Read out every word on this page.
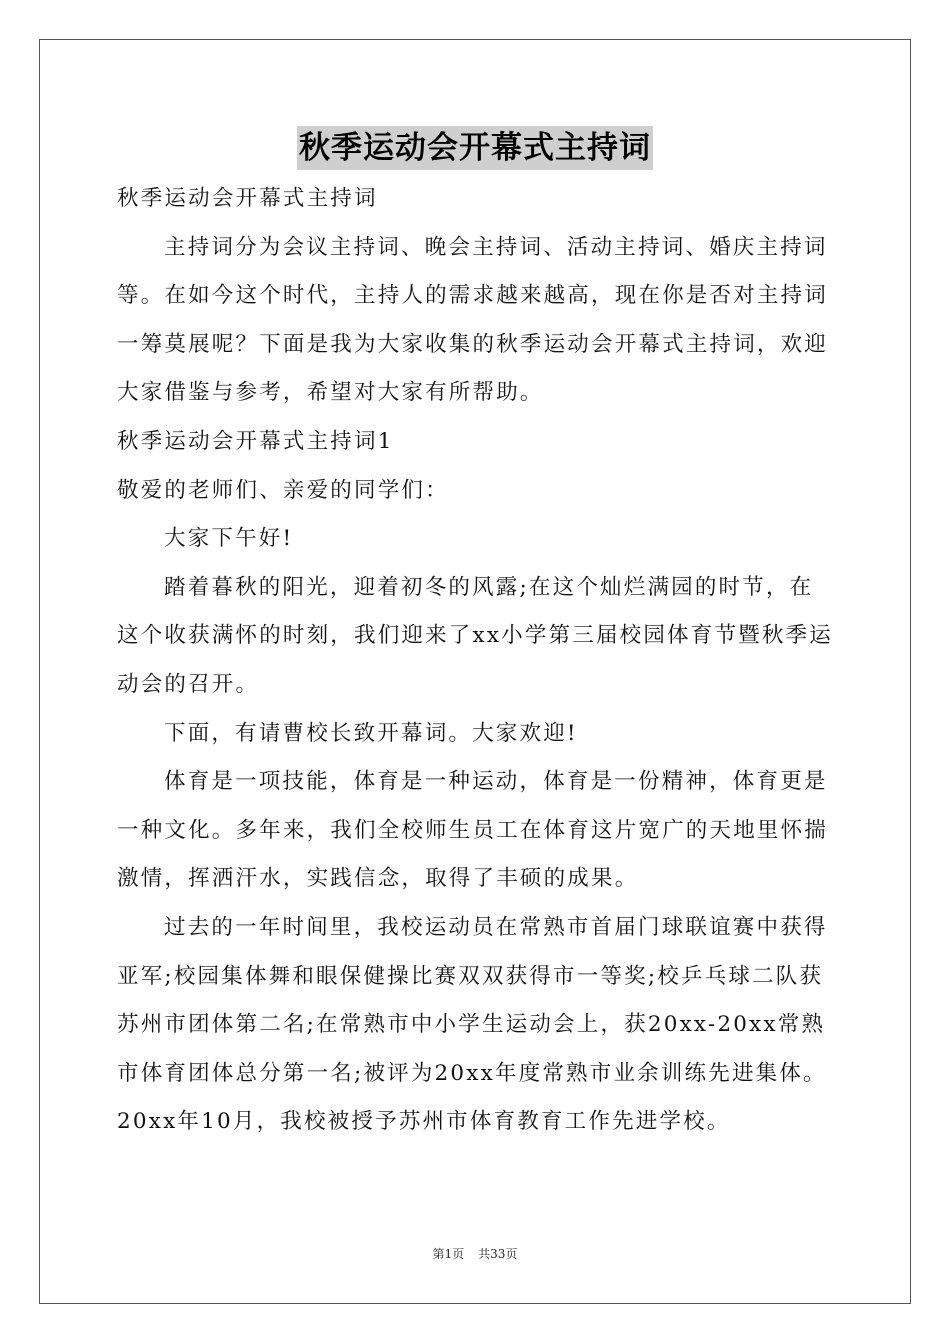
秋季运动会开幕式主持词

秋季运动会开幕式主持词

主持词分为会议主持词、晚会主持词、活动主持词、婚庆主持词等。在如今这个时代，主持人的需求越来越高，现在你是否对主持词一筹莫展呢？下面是我为大家收集的秋季运动会开幕式主持词，欢迎大家借鉴与参考，希望对大家有所帮助。

秋季运动会开幕式主持词1

敬爱的老师们、亲爱的同学们：

大家下午好!

踏着暮秋的阳光，迎着初冬的风露;在这个灿烂满园的时节，在这个收获满怀的时刻，我们迎来了xx小学第三届校园体育节暨秋季运动会的召开。

下面，有请曹校长致开幕词。大家欢迎!

体育是一项技能，体育是一种运动，体育是一份精神，体育更是一种文化。多年来，我们全校师生员工在体育这片宽广的天地里怀揣激情，挥洒汗水，实践信念，取得了丰硕的成果。

过去的一年时间里，我校运动员在常熟市首届门球联谊赛中获得亚军;校园集体舞和眼保健操比赛双双获得市一等奖;校乒乓球二队获苏州市团体第二名;在常熟市中小学生运动会上，获20xx-20xx常熟市体育团体总分第一名;被评为20xx年度常熟市业余训练先进集体。20xx年10月，我校被授予苏州市体育教育工作先进学校。

第1页 共33页
